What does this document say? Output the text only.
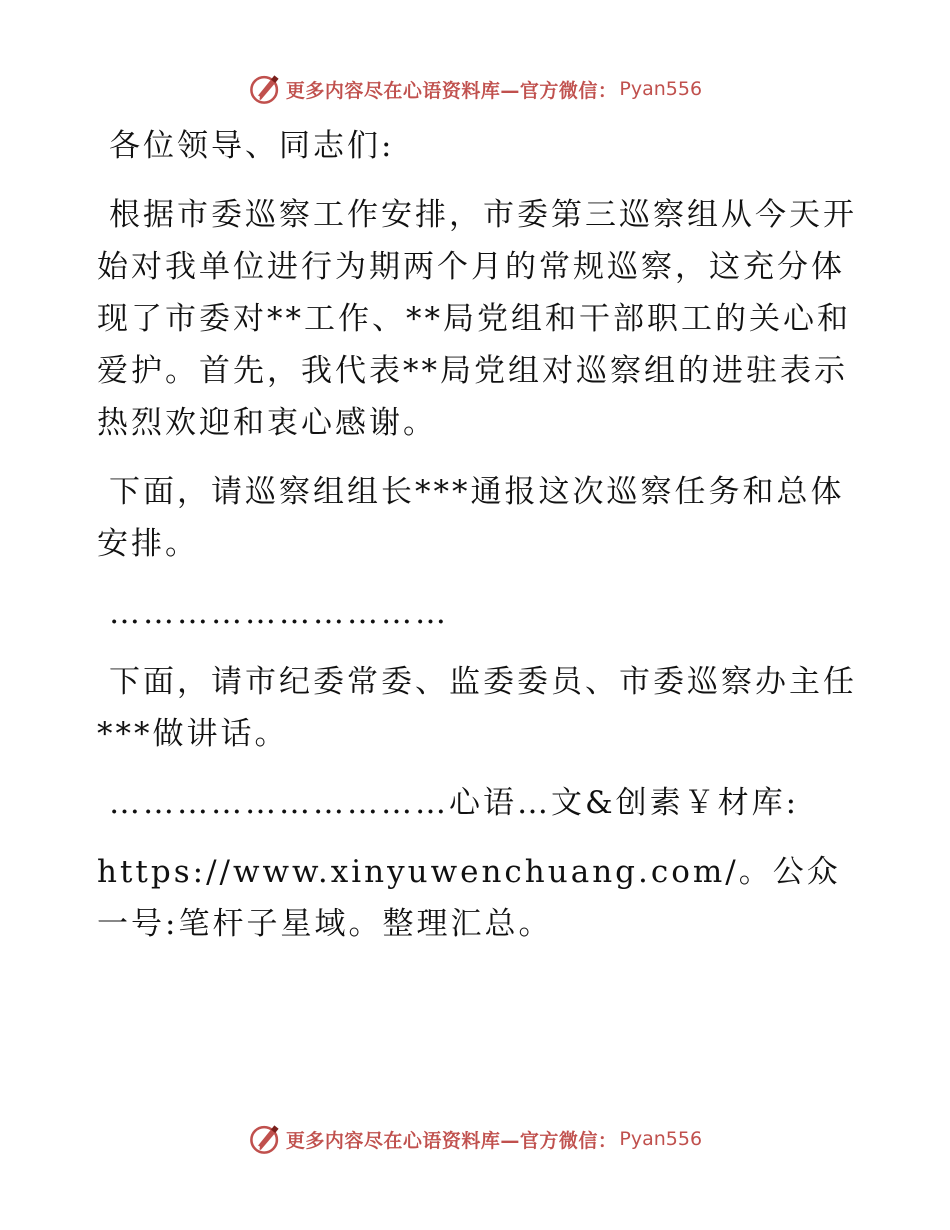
更多内容尽在心语资料库—官方微信： Pyan556

各位领导、同志们:

根据市委巡察工作安排，市委第三巡察组从今天开始对我单位进行为期两个月的常规巡察，这充分体现了市委对**工作、**局党组和干部职工的关心和爱护。首先，我代表**局党组对巡察组的进驻表示热烈欢迎和衷心感谢。

下面，请巡察组组长***通报这次巡察任务和总体安排。

…………………………

下面，请市纪委常委、监委委员、市委巡察办主任***做讲话。

…………………………心语…文&创素￥材库:

https://www.xinyuwenchuang.com/。公众一号:笔杆子星域。整理汇总。

更多内容尽在心语资料库—官方微信： Pyan556
